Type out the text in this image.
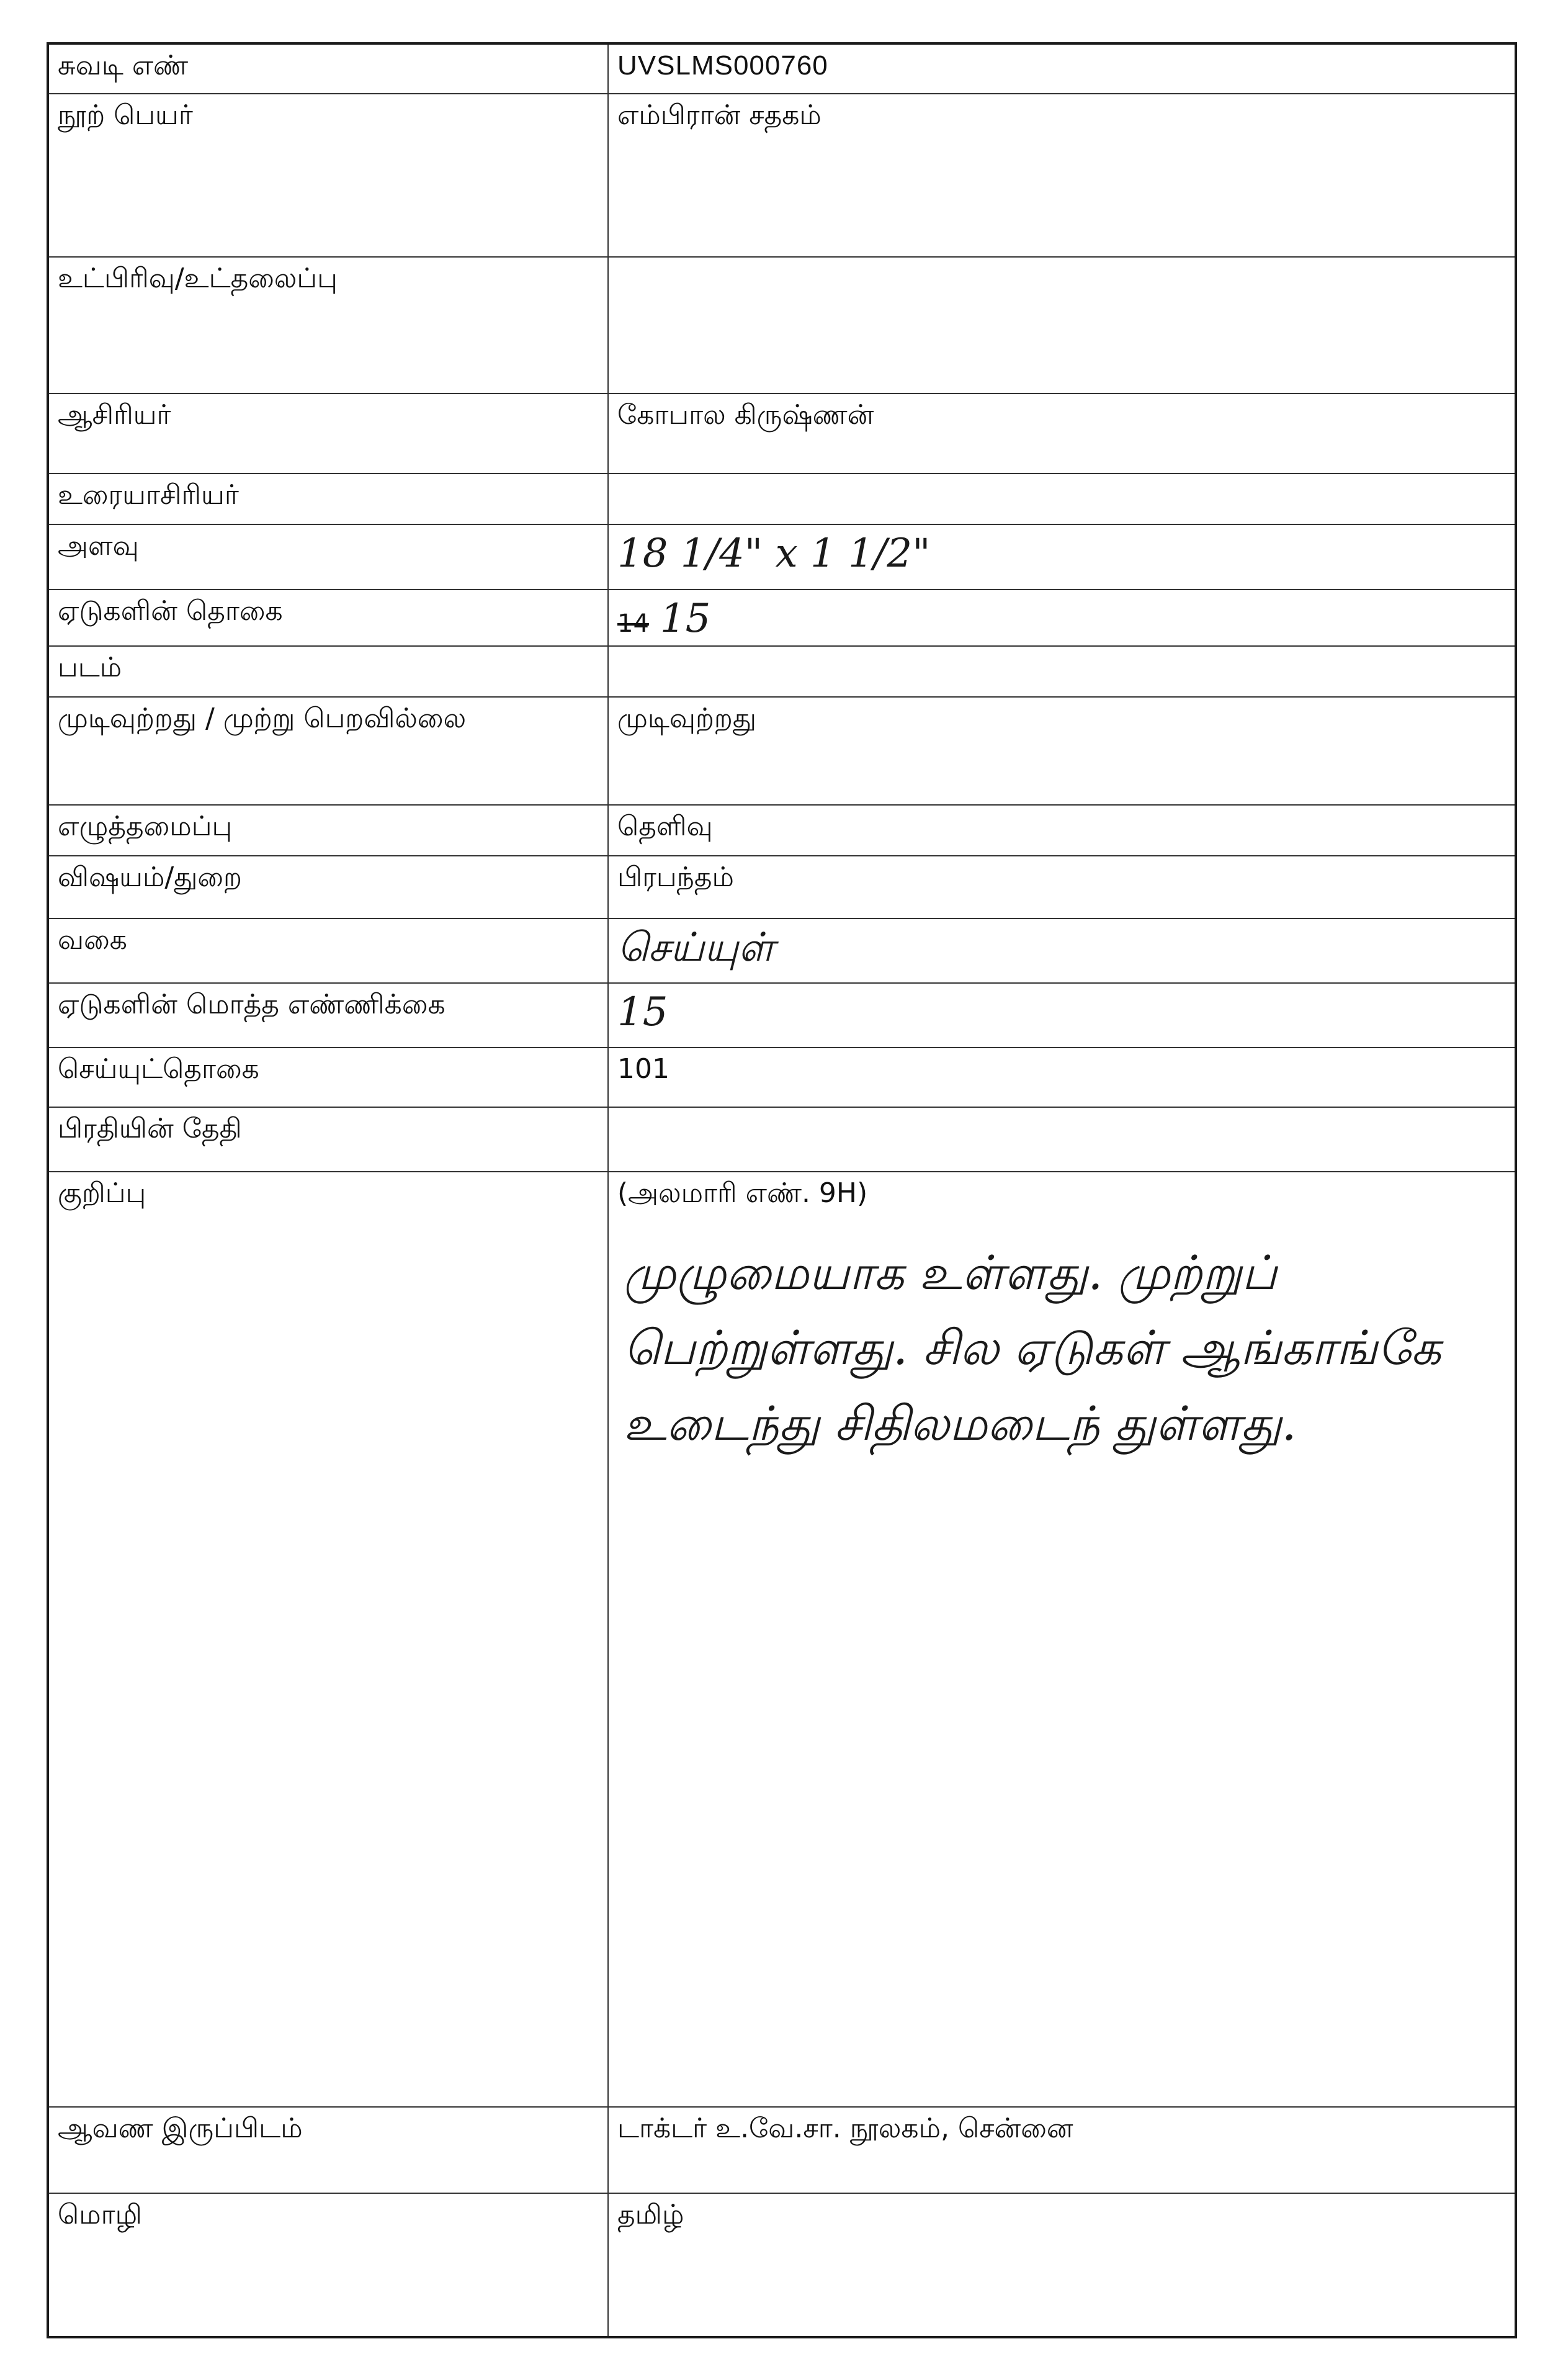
சுவடி எண்	UVSLMS000760
நூற் பெயர்	எம்பிரான் சதகம்
உட்பிரிவு/உட்தலைப்பு	
ஆசிரியர்	கோபால கிருஷ்ணன்
உரையாசிரியர்	
அளவு	18 1/4" x 1 1/2"

ஏடுகளின் தொகை	14 15
படம்	
முடிவுற்றது / முற்று பெறவில்லை	முடிவுற்றது
எழுத்தமைப்பு	தெளிவு
விஷயம்/துறை	பிரபந்தம்
வகை	செய்யுள்

ஏடுகளின் மொத்த எண்ணிக்கை	15

செய்யுட்தொகை	101
பிரதியின் தேதி	
குறிப்பு	(அலமாரி எண். 9H)
முழுமையாக உள்ளது. முற்றுப் பெற்றுள்ளது. சில ஏடுகள் ஆங்காங்கே உடைந்து சிதிலமடைந் துள்ளது.

ஆவண இருப்பிடம்	டாக்டர் உ.வே.சா. நூலகம், சென்னை
மொழி	தமிழ்
